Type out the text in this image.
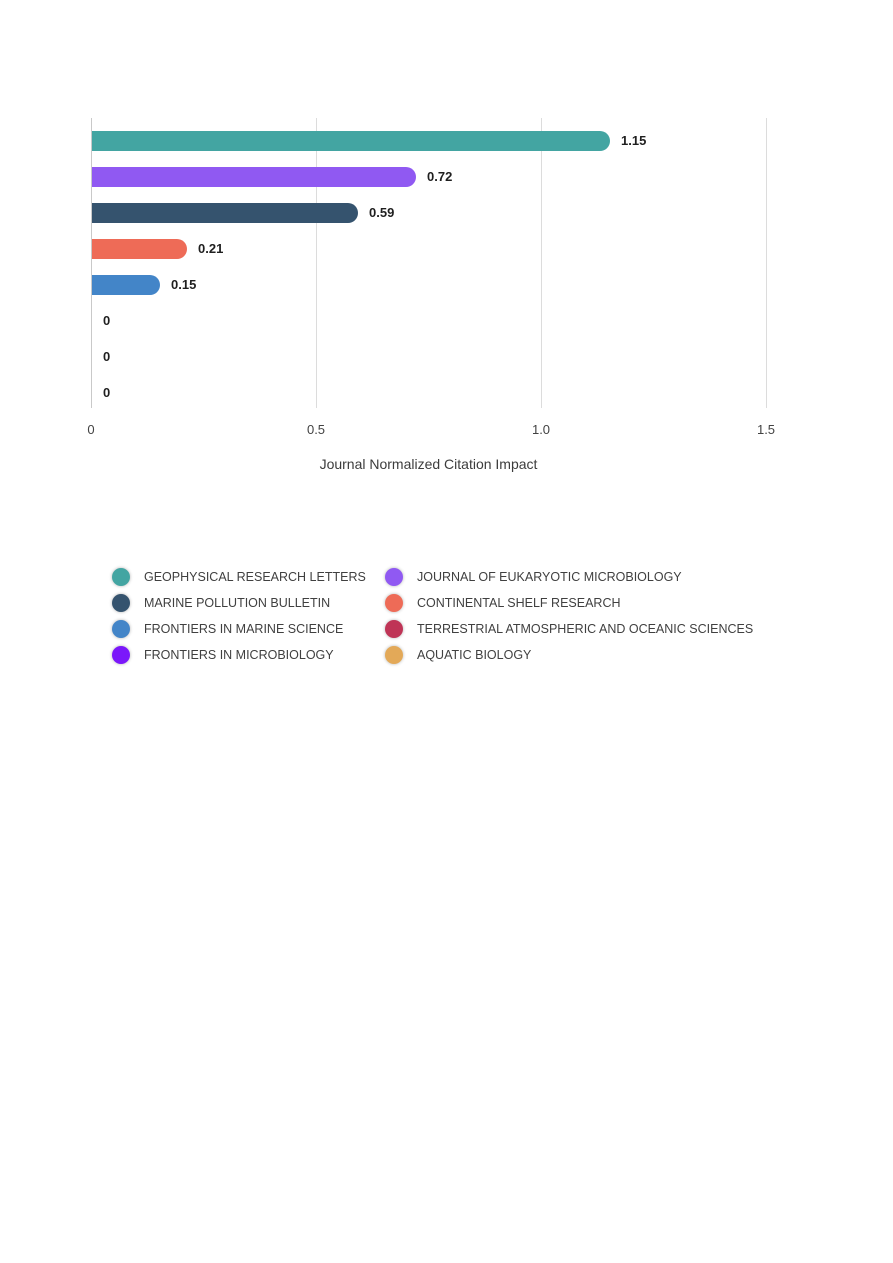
1.15
0.72
0.59
0.21
0.15
0
0
0
0	0.5	1.0	1.5
Journal Normalized Citation Impact
GEOPHYSICAL RESEARCH LETTERS	JOURNAL OF EUKARYOTIC MICROBIOLOGY
MARINE POLLUTION BULLETIN	CONTINENTAL SHELF RESEARCH
FRONTIERS IN MARINE SCIENCE	TERRESTRIAL ATMOSPHERIC AND OCEANIC SCIENCES
FRONTIERS IN MICROBIOLOGY	AQUATIC BIOLOGY
